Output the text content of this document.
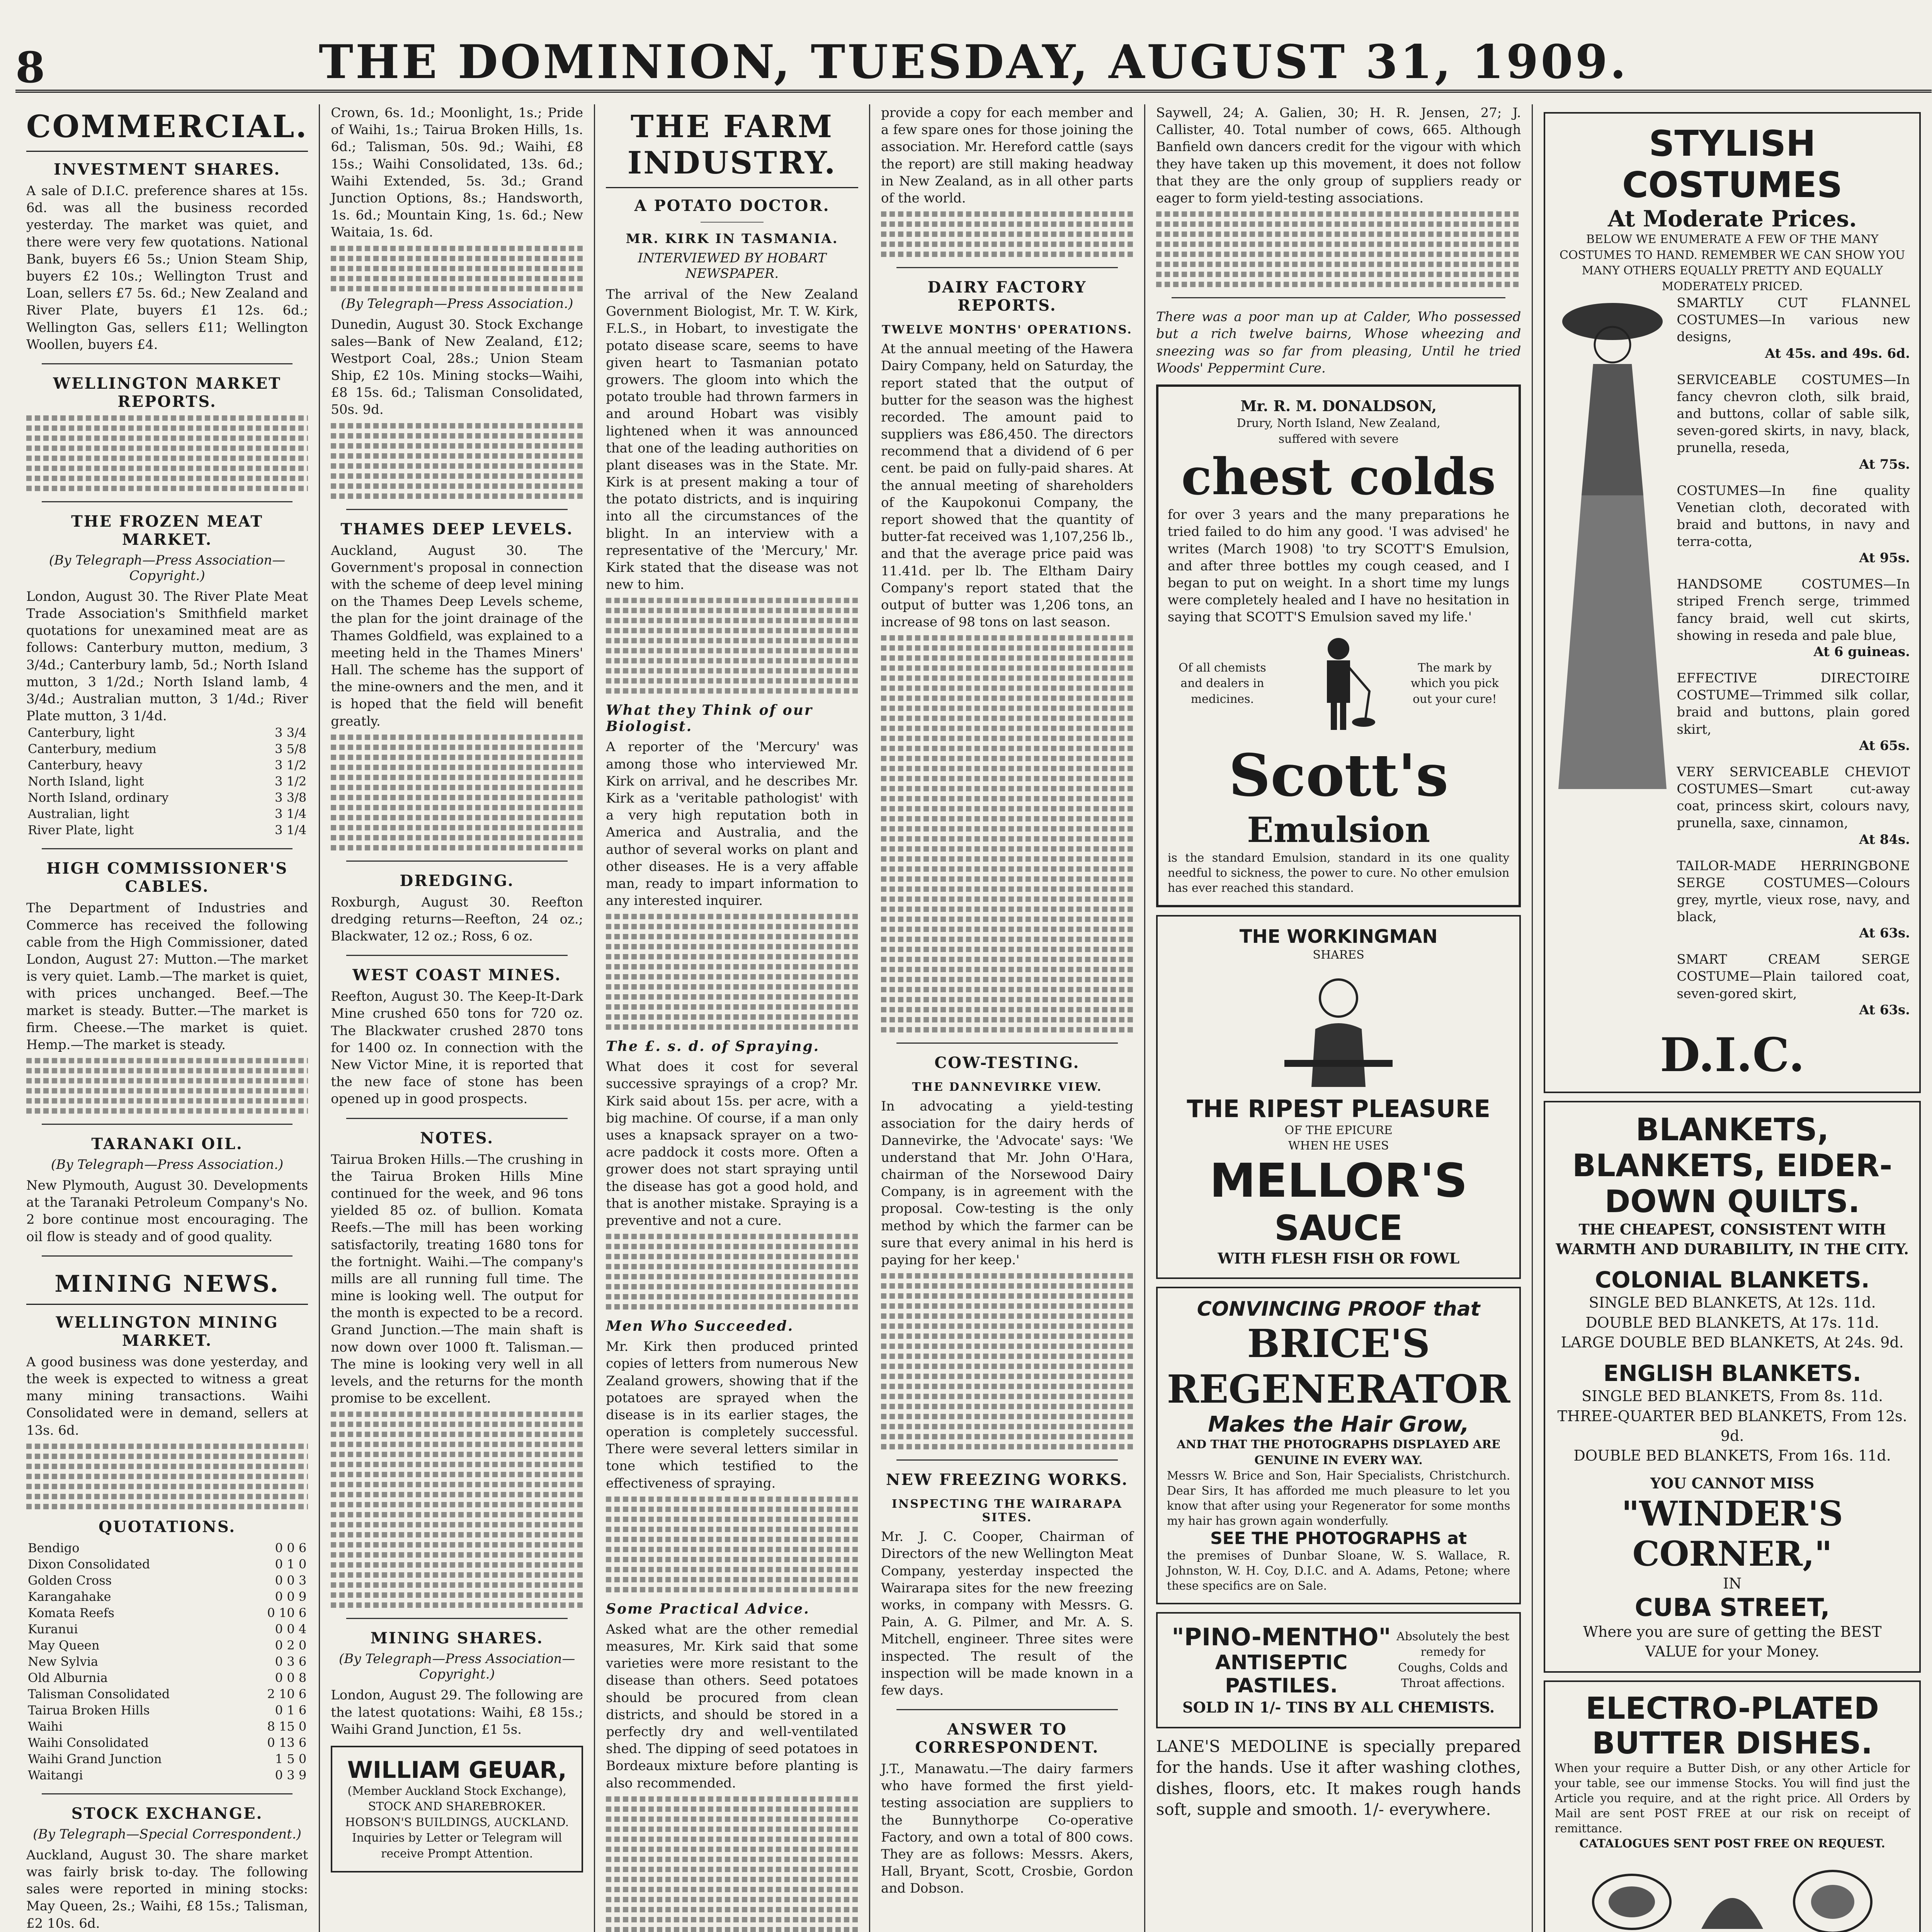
8	THE DOMINION, TUESDAY, AUGUST 31, 1909.
COMMERCIAL.
INVESTMENT SHARES.

A sale of D.I.C. preference shares at 15s. 6d. was all the business recorded yesterday. The market was quiet, and there were very few quotations. National Bank, buyers £6 5s.; Union Steam Ship, buyers £2 10s.; Wellington Trust and Loan, sellers £7 5s. 6d.; New Zealand and River Plate, buyers £1 12s. 6d.; Wellington Gas, sellers £11; Wellington Woollen, buyers £4.

WELLINGTON MARKET REPORTS.
THE FROZEN MEAT MARKET.
(By Telegraph—Press Association—Copyright.)

London, August 30. The River Plate Meat Trade Association's Smithfield market quotations for unexamined meat are as follows: Canterbury mutton, medium, 3 3/4d.; Canterbury lamb, 5d.; North Island mutton, 3 1/2d.; North Island lamb, 4 3/4d.; Australian mutton, 3 1/4d.; River Plate mutton, 3 1/4d.

Canterbury, light	3 3/4
Canterbury, medium	3 5/8
Canterbury, heavy	3 1/2
North Island, light	3 1/2
North Island, ordinary	3 3/8
Australian, light	3 1/4
River Plate, light	3 1/4
HIGH COMMISSIONER'S CABLES.

The Department of Industries and Commerce has received the following cable from the High Commissioner, dated London, August 27: Mutton.—The market is very quiet. Lamb.—The market is quiet, with prices unchanged. Beef.—The market is steady. Butter.—The market is firm. Cheese.—The market is quiet. Hemp.—The market is steady.

TARANAKI OIL.
(By Telegraph—Press Association.)

New Plymouth, August 30. Developments at the Taranaki Petroleum Company's No. 2 bore continue most encouraging. The oil flow is steady and of good quality.

MINING NEWS.
WELLINGTON MINING MARKET.

A good business was done yesterday, and the week is expected to witness a great many mining transactions. Waihi Consolidated were in demand, sellers at 13s. 6d.

QUOTATIONS.
Bendigo	0 0 6
Dixon Consolidated	0 1 0
Golden Cross	0 0 3
Karangahake	0 0 9
Komata Reefs	0 10 6
Kuranui	0 0 4
May Queen	0 2 0
New Sylvia	0 3 6
Old Alburnia	0 0 8
Talisman Consolidated	2 10 6
Tairua Broken Hills	0 1 6
Waihi	8 15 0
Waihi Consolidated	0 13 6
Waihi Grand Junction	1 5 0
Waitangi	0 3 9
STOCK EXCHANGE.
(By Telegraph—Special Correspondent.)

Auckland, August 30. The share market was fairly brisk to-day. The following sales were reported in mining stocks: May Queen, 2s.; Waihi, £8 15s.; Talisman, £2 10s. 6d.

Crown, 6s. 1d.; Moonlight, 1s.; Pride of Waihi, 1s.; Tairua Broken Hills, 1s. 6d.; Talisman, 50s. 9d.; Waihi, £8 15s.; Waihi Consolidated, 13s. 6d.; Waihi Extended, 5s. 3d.; Grand Junction Options, 8s.; Handsworth, 1s. 6d.; Mountain King, 1s. 6d.; New Waitaia, 1s. 6d.

(By Telegraph—Press Association.)

Dunedin, August 30. Stock Exchange sales—Bank of New Zealand, £12; Westport Coal, 28s.; Union Steam Ship, £2 10s. Mining stocks—Waihi, £8 15s. 6d.; Talisman Consolidated, 50s. 9d.

THAMES DEEP LEVELS.

Auckland, August 30. The Government's proposal in connection with the scheme of deep level mining on the Thames Deep Levels scheme, the plan for the joint drainage of the Thames Goldfield, was explained to a meeting held in the Thames Miners' Hall. The scheme has the support of the mine-owners and the men, and it is hoped that the field will benefit greatly.

DREDGING.

Roxburgh, August 30. Reefton dredging returns—Reefton, 24 oz.; Blackwater, 12 oz.; Ross, 6 oz.

WEST COAST MINES.

Reefton, August 30. The Keep-It-Dark Mine crushed 650 tons for 720 oz. The Blackwater crushed 2870 tons for 1400 oz. In connection with the New Victor Mine, it is reported that the new face of stone has been opened up in good prospects.

NOTES.

Tairua Broken Hills.—The crushing in the Tairua Broken Hills Mine continued for the week, and 96 tons yielded 85 oz. of bullion. Komata Reefs.—The mill has been working satisfactorily, treating 1680 tons for the fortnight. Waihi.—The company's mills are all running full time. The mine is looking well. The output for the month is expected to be a record. Grand Junction.—The main shaft is now down over 1000 ft. Talisman.—The mine is looking very well in all levels, and the returns for the month promise to be excellent.

MINING SHARES.
(By Telegraph—Press Association—Copyright.)

London, August 29. The following are the latest quotations: Waihi, £8 15s.; Waihi Grand Junction, £1 5s.

WILLIAM GEUAR,

(Member Auckland Stock Exchange), STOCK AND SHAREBROKER. HOBSON'S BUILDINGS, AUCKLAND. Inquiries by Letter or Telegram will receive Prompt Attention.

THE FARM INDUSTRY.
A POTATO DOCTOR.
MR. KIRK IN TASMANIA.
INTERVIEWED BY HOBART NEWSPAPER.

The arrival of the New Zealand Government Biologist, Mr. T. W. Kirk, F.L.S., in Hobart, to investigate the potato disease scare, seems to have given heart to Tasmanian potato growers. The gloom into which the potato trouble had thrown farmers in and around Hobart was visibly lightened when it was announced that one of the leading authorities on plant diseases was in the State. Mr. Kirk is at present making a tour of the potato districts, and is inquiring into all the circumstances of the blight. In an interview with a representative of the 'Mercury,' Mr. Kirk stated that the disease was not new to him.

What they Think of our Biologist.

A reporter of the 'Mercury' was among those who interviewed Mr. Kirk on arrival, and he describes Mr. Kirk as a 'veritable pathologist' with a very high reputation both in America and Australia, and the author of several works on plant and other diseases. He is a very affable man, ready to impart information to any interested inquirer.

The £. s. d. of Spraying.

What does it cost for several successive sprayings of a crop? Mr. Kirk said about 15s. per acre, with a big machine. Of course, if a man only uses a knapsack sprayer on a two-acre paddock it costs more. Often a grower does not start spraying until the disease has got a good hold, and that is another mistake. Spraying is a preventive and not a cure.

Men Who Succeeded.

Mr. Kirk then produced printed copies of letters from numerous New Zealand growers, showing that if the potatoes are sprayed when the disease is in its earlier stages, the operation is completely successful. There were several letters similar in tone which testified to the effectiveness of spraying.

Some Practical Advice.

Asked what are the other remedial measures, Mr. Kirk said that some varieties were more resistant to the disease than others. Seed potatoes should be procured from clean districts, and should be stored in a perfectly dry and well-ventilated shed. The dipping of seed potatoes in Bordeaux mixture before planting is also recommended.

provide a copy for each member and a few spare ones for those joining the association. Mr. Hereford cattle (says the report) are still making headway in New Zealand, as in all other parts of the world.

DAIRY FACTORY REPORTS.
TWELVE MONTHS' OPERATIONS.

At the annual meeting of the Hawera Dairy Company, held on Saturday, the report stated that the output of butter for the season was the highest recorded. The amount paid to suppliers was £86,450. The directors recommend that a dividend of 6 per cent. be paid on fully-paid shares. At the annual meeting of shareholders of the Kaupokonui Company, the report showed that the quantity of butter-fat received was 1,107,256 lb., and that the average price paid was 11.41d. per lb. The Eltham Dairy Company's report stated that the output of butter was 1,206 tons, an increase of 98 tons on last season.

COW-TESTING.
THE DANNEVIRKE VIEW.

In advocating a yield-testing association for the dairy herds of Dannevirke, the 'Advocate' says: 'We understand that Mr. John O'Hara, chairman of the Norsewood Dairy Company, is in agreement with the proposal. Cow-testing is the only method by which the farmer can be sure that every animal in his herd is paying for her keep.'

NEW FREEZING WORKS.
INSPECTING THE WAIRARAPA SITES.

Mr. J. C. Cooper, Chairman of Directors of the new Wellington Meat Company, yesterday inspected the Wairarapa sites for the new freezing works, in company with Messrs. G. Pain, A. G. Pilmer, and Mr. A. S. Mitchell, engineer. Three sites were inspected. The result of the inspection will be made known in a few days.

ANSWER TO CORRESPONDENT.

J.T., Manawatu.—The dairy farmers who have formed the first yield-testing association are suppliers to the Bunnythorpe Co-operative Factory, and own a total of 800 cows. They are as follows: Messrs. Akers, Hall, Bryant, Scott, Crosbie, Gordon and Dobson.

Saywell, 24; A. Galien, 30; H. R. Jensen, 27; J. Callister, 40. Total number of cows, 665. Although Banfield own dancers credit for the vigour with which they have taken up this movement, it does not follow that they are the only group of suppliers ready or eager to form yield-testing associations.

There was a poor man up at Calder, Who possessed but a rich twelve bairns, Whose wheezing and sneezing was so far from pleasing, Until he tried Woods' Peppermint Cure.

Mr. R. M. DONALDSON,
Drury, North Island, New Zealand,
suffered with severe
chest colds

for over 3 years and the many preparations he tried failed to do him any good. 'I was advised' he writes (March 1908) 'to try SCOTT'S Emulsion, and after three bottles my cough ceased, and I began to put on weight. In a short time my lungs were completely healed and I have no hesitation in saying that SCOTT'S Emulsion saved my life.'

Of all chemists and dealers in medicines.
The mark by which you pick out your cure!
Scott's
Emulsion

is the standard Emulsion, standard in its one quality needful to sickness, the power to cure. No other emulsion has ever reached this standard.

THE WORKINGMAN
SHARES
THE RIPEST PLEASURE
OF THE EPICURE
WHEN HE USES
MELLOR'S
SAUCE
WITH FLESH FISH OR FOWL
CONVINCING PROOF that
BRICE'S REGENERATOR
Makes the Hair Grow,
AND THAT THE PHOTOGRAPHS DISPLAYED ARE GENUINE IN EVERY WAY.

Messrs W. Brice and Son, Hair Specialists, Christchurch. Dear Sirs, It has afforded me much pleasure to let you know that after using your Regenerator for some months my hair has grown again wonderfully.

SEE THE PHOTOGRAPHS at

the premises of Dunbar Sloane, W. S. Wallace, R. Johnston, W. H. Coy, D.I.C. and A. Adams, Petone; where these specifics are on Sale.

"PINO-MENTHO"
ANTISEPTIC PASTILES.
Absolutely the best remedy for Coughs, Colds and Throat affections.
SOLD IN 1/- TINS BY ALL CHEMISTS.

LANE'S MEDOLINE is specially prepared for the hands. Use it after washing clothes, dishes, floors, etc. It makes rough hands soft, supple and smooth. 1/- everywhere.

STYLISH COSTUMES
At Moderate Prices.

BELOW WE ENUMERATE A FEW OF THE MANY COSTUMES TO HAND. REMEMBER WE CAN SHOW YOU MANY OTHERS EQUALLY PRETTY AND EQUALLY MODERATELY PRICED.

SMARTLY CUT FLANNEL COSTUMES—In various new designs,
At 45s. and 49s. 6d.
SERVICEABLE COSTUMES—In fancy chevron cloth, silk braid, and buttons, collar of sable silk, seven-gored skirts, in navy, black, prunella, reseda,
At 75s.
COSTUMES—In fine quality Venetian cloth, decorated with braid and buttons, in navy and terra-cotta,
At 95s.
HANDSOME COSTUMES—In striped French serge, trimmed fancy braid, well cut skirts, showing in reseda and pale blue,
At 6 guineas.
EFFECTIVE DIRECTOIRE COSTUME—Trimmed silk collar, braid and buttons, plain gored skirt,
At 65s.
VERY SERVICEABLE CHEVIOT COSTUMES—Smart cut-away coat, princess skirt, colours navy, prunella, saxe, cinnamon,
At 84s.
TAILOR-MADE HERRINGBONE SERGE COSTUMES—Colours grey, myrtle, vieux rose, navy, and black,
At 63s.
SMART CREAM SERGE COSTUME—Plain tailored coat, seven-gored skirt,
At 63s.
D.I.C.
BLANKETS, BLANKETS, EIDER-DOWN QUILTS.
THE CHEAPEST, CONSISTENT WITH WARMTH AND DURABILITY, IN THE CITY.
COLONIAL BLANKETS.
SINGLE BED BLANKETS, At 12s. 11d.
DOUBLE BED BLANKETS, At 17s. 11d.
LARGE DOUBLE BED BLANKETS, At 24s. 9d.
ENGLISH BLANKETS.
SINGLE BED BLANKETS, From 8s. 11d.
THREE-QUARTER BED BLANKETS, From 12s. 9d.
DOUBLE BED BLANKETS, From 16s. 11d.
YOU CANNOT MISS
"WINDER'S CORNER,"
IN
CUBA STREET,
Where you are sure of getting the BEST VALUE for your Money.
ELECTRO-PLATED BUTTER DISHES.

When your require a Butter Dish, or any other Article for your table, see our immense Stocks. You will find just the Article you require, and at the right price. All Orders by Mail are sent POST FREE at our risk on receipt of remittance.

CATALOGUES SENT POST FREE ON REQUEST.
